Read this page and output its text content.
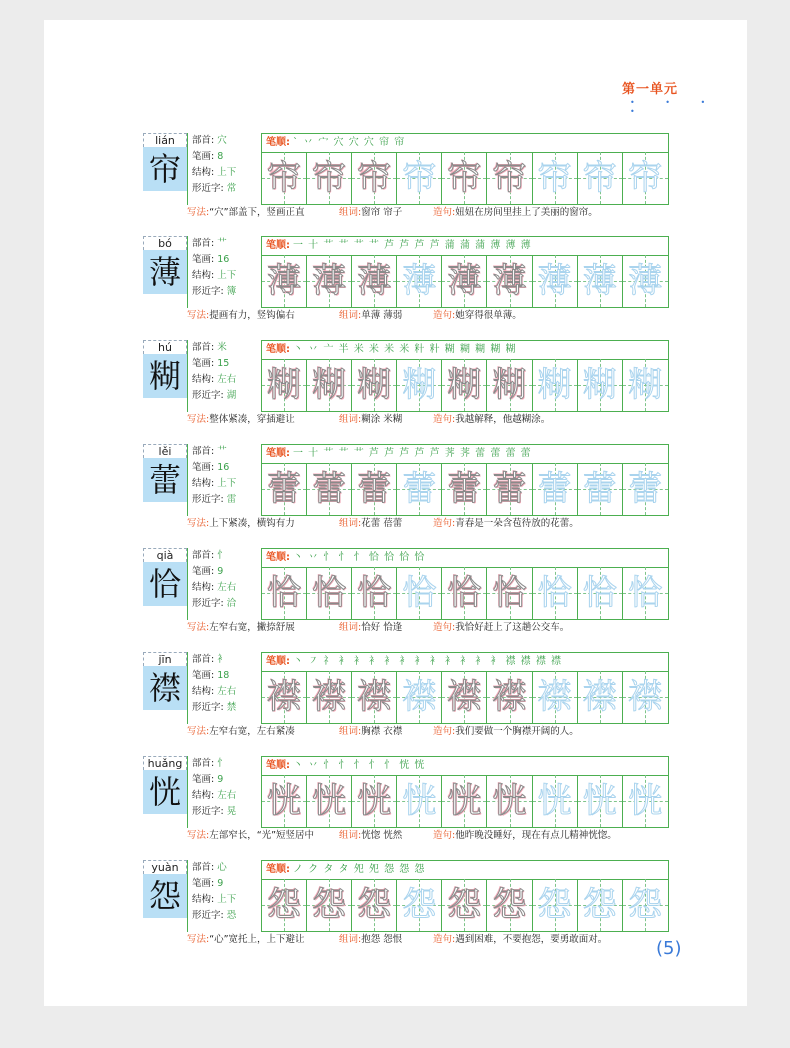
第一单元
• • • •
lián
帘
部首: 穴
笔画: 8
结构: 上下
形近字: 常
笔顺: ` 丷 宀 穴 穴 穴 帘 帘
帘 帘 帘 帘 帘 帘 帘 帘 帘
写法:“穴”部盖下，竖画正直	组词:窗帘 帘子	造句:妞妞在房间里挂上了美丽的窗帘。
bó
薄
部首: 艹
笔画: 16
结构: 上下
形近字: 簿
笔顺: 一 十 艹 艹 艹 艹 芦 芦 芦 芦 蒲 蒲 蒲 薄 薄 薄
薄 薄 薄 薄 薄 薄 薄 薄 薄
写法:提画有力，竖钩偏右	组词:单薄 薄弱	造句:她穿得很单薄。
hú
糊
部首: 米
笔画: 15
结构: 左右
形近字: 湖
笔顺: 丶 丷 亠 半 米 米 米 米 籵 籵 糊 糊 糊 糊 糊
糊 糊 糊 糊 糊 糊 糊 糊 糊
写法:整体紧凑，穿插避让	组词:糊涂 米糊	造句:我越解释，他越糊涂。
lěi
蕾
部首: 艹
笔画: 16
结构: 上下
形近字: 雷
笔顺: 一 十 艹 艹 艹 芦 芦 芦 芦 芦 荠 荠 蕾 蕾 蕾 蕾
蕾 蕾 蕾 蕾 蕾 蕾 蕾 蕾 蕾
写法:上下紧凑，横钩有力	组词:花蕾 蓓蕾	造句:青春是一朵含苞待放的花蕾。
qià
恰
部首: 忄
笔画: 9
结构: 左右
形近字: 洽
笔顺: 丶 丷 忄 忄 忄 恰 恰 恰 恰
恰 恰 恰 恰 恰 恰 恰 恰 恰
写法:左窄右宽，撇捺舒展	组词:恰好 恰逢	造句:我恰好赶上了这趟公交车。
jīn
襟
部首: 衤
笔画: 18
结构: 左右
形近字: 禁
笔顺: 丶 ㇇ 礻 衤 衤 衤 衤 衤 衤 衤 衤 衤 衤 衤 襟 襟 襟 襟
襟 襟 襟 襟 襟 襟 襟 襟 襟
写法:左窄右宽，左右紧凑	组词:胸襟 衣襟	造句:我们要做一个胸襟开阔的人。
huǎng
恍
部首: 忄
笔画: 9
结构: 左右
形近字: 晃
笔顺: 丶 丷 忄 忄 忄 忄 忄 恍 恍
恍 恍 恍 恍 恍 恍 恍 恍 恍
写法:左部窄长，“光”短竖居中	组词:恍惚 恍然	造句:他昨晚没睡好，现在有点儿精神恍惚。
yuàn
怨
部首: 心
笔画: 9
结构: 上下
形近字: 恐
笔顺: ノ ク タ タ 夗 夗 怨 怨 怨
怨 怨 怨 怨 怨 怨 怨 怨 怨
写法:“心”宽托上，上下避让	组词:抱怨 怨恨	造句:遇到困难，不要抱怨，要勇敢面对。	(5)
